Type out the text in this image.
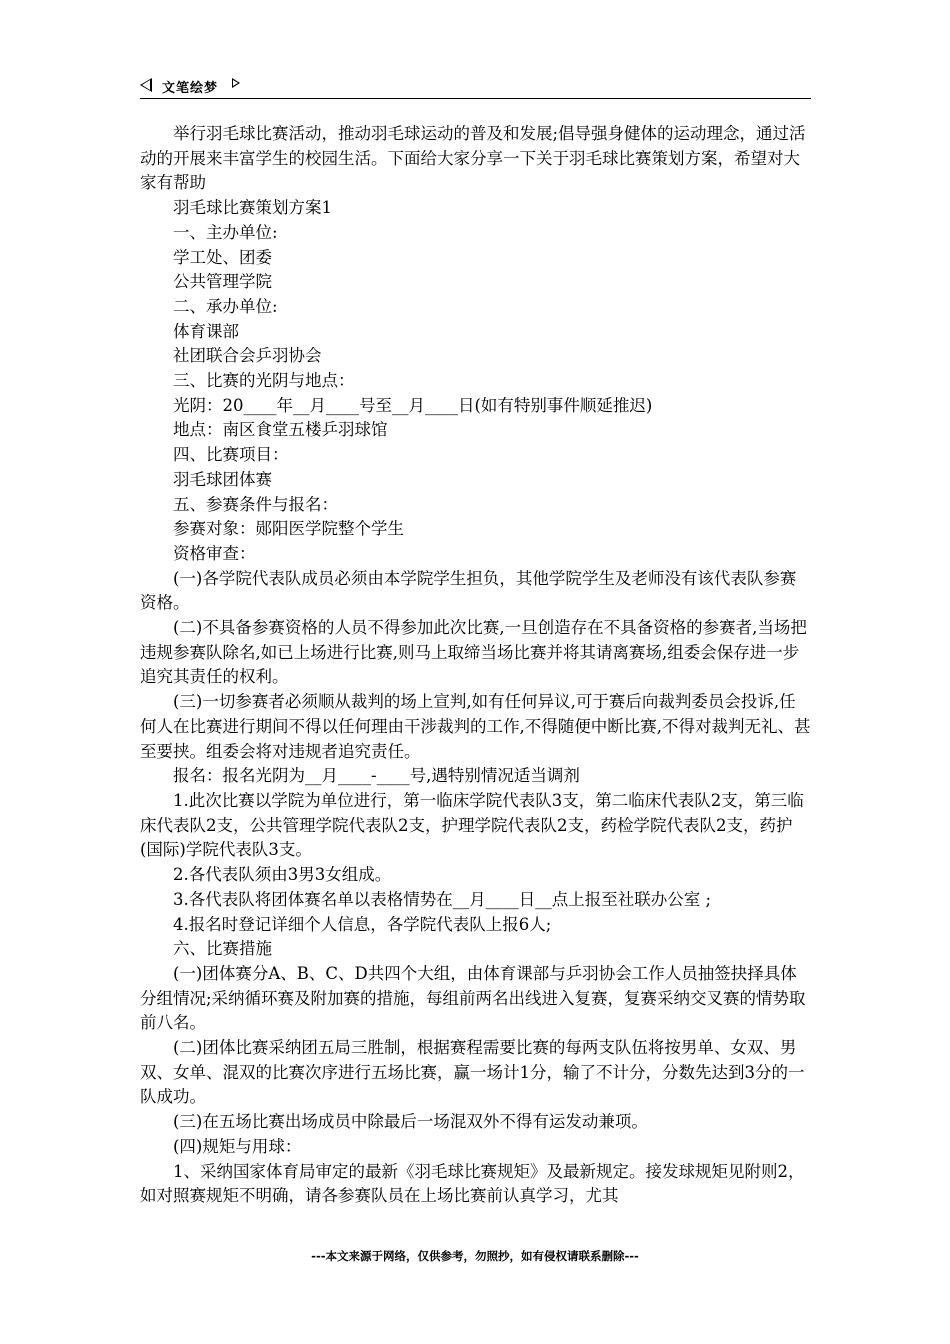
文笔绘梦

举行羽毛球比赛活动，推动羽毛球运动的普及和发展;倡导强身健体的运动理念，通过活动的开展来丰富学生的校园生活。下面给大家分享一下关于羽毛球比赛策划方案，希望对大家有帮助

羽毛球比赛策划方案1

一、主办单位:

学工处、团委

公共管理学院

二、承办单位:

体育课部

社团联合会乒羽协会

三、比赛的光阴与地点：

光阴：20____年__月____号至__月____日(如有特别事件顺延推迟)

地点：南区食堂五楼乒羽球馆

四、比赛项目：

羽毛球团体赛

五、参赛条件与报名：

参赛对象：郧阳医学院整个学生

资格审查：

(一)各学院代表队成员必须由本学院学生担负，其他学院学生及老师没有该代表队参赛资格。

(二)不具备参赛资格的人员不得参加此次比赛,一旦创造存在不具备资格的参赛者,当场把违规参赛队除名,如已上场进行比赛,则马上取缔当场比赛并将其请离赛场,组委会保存进一步追究其责任的权利。

(三)一切参赛者必须顺从裁判的场上宣判,如有任何异议,可于赛后向裁判委员会投诉,任何人在比赛进行期间不得以任何理由干涉裁判的工作,不得随便中断比赛,不得对裁判无礼、甚至要挟。组委会将对违规者追究责任。

报名：报名光阴为__月____-____号,遇特别情况适当调剂

1.此次比赛以学院为单位进行，第一临床学院代表队3支，第二临床代表队2支，第三临床代表队2支，公共管理学院代表队2支，护理学院代表队2支，药检学院代表队2支，药护(国际)学院代表队3支。

2.各代表队须由3男3女组成。

3.各代表队将团体赛名单以表格情势在__月____日__点上报至社联办公室 ;

4.报名时登记详细个人信息，各学院代表队上报6人;

六、比赛措施

(一)团体赛分A、B、C、D共四个大组，由体育课部与乒羽协会工作人员抽签抉择具体分组情况;采纳循环赛及附加赛的措施，每组前两名出线进入复赛，复赛采纳交叉赛的情势取前八名。

(二)团体比赛采纳团五局三胜制，根据赛程需要比赛的每两支队伍将按男单、女双、男双、女单、混双的比赛次序进行五场比赛，赢一场计1分，输了不计分，分数先达到3分的一队成功。

(三)在五场比赛出场成员中除最后一场混双外不得有运发动兼项。

(四)规矩与用球：

1、采纳国家体育局审定的最新《羽毛球比赛规矩》及最新规定。接发球规矩见附则2，如对照赛规矩不明确，请各参赛队员在上场比赛前认真学习，尤其

---本文来源于网络，仅供参考，勿照抄，如有侵权请联系删除---
